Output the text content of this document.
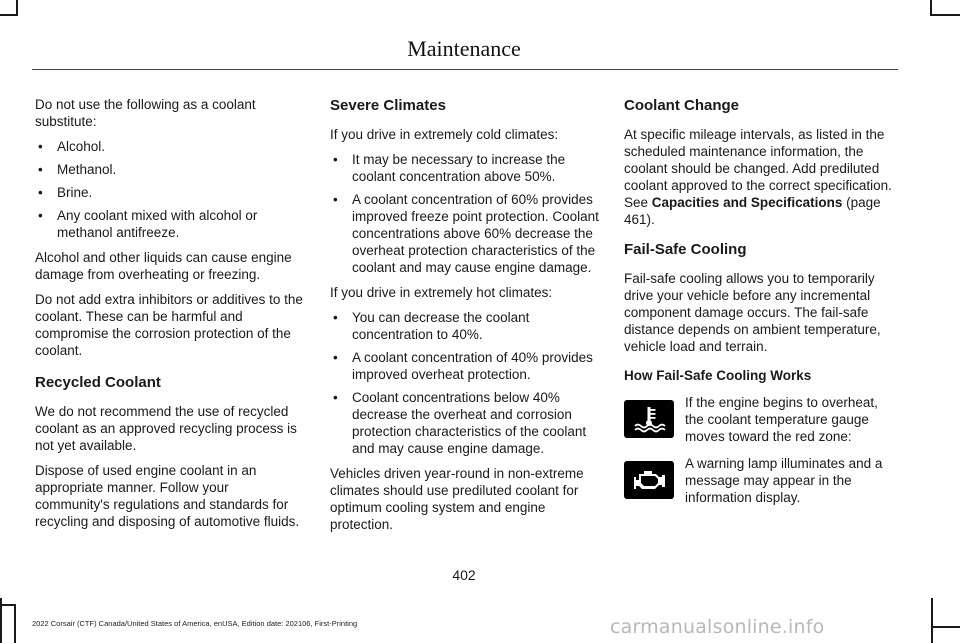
Maintenance

Do not use the following as a coolant substitute:

• Alcohol.
• Methanol.
• Brine.
• Any coolant mixed with alcohol or methanol antifreeze.

Alcohol and other liquids can cause engine damage from overheating or freezing.

Do not add extra inhibitors or additives to the coolant. These can be harmful and compromise the corrosion protection of the coolant.

Recycled Coolant

We do not recommend the use of recycled coolant as an approved recycling process is not yet available.

Dispose of used engine coolant in an appropriate manner. Follow your community's regulations and standards for recycling and disposing of automotive fluids.

Severe Climates

If you drive in extremely cold climates:

• It may be necessary to increase the coolant concentration above 50%.
• A coolant concentration of 60% provides improved freeze point protection. Coolant concentrations above 60% decrease the overheat protection characteristics of the coolant and may cause engine damage.

If you drive in extremely hot climates:

• You can decrease the coolant concentration to 40%.
• A coolant concentration of 40% provides improved overheat protection.
• Coolant concentrations below 40% decrease the overheat and corrosion protection characteristics of the coolant and may cause engine damage.

Vehicles driven year-round in non-extreme climates should use prediluted coolant for optimum cooling system and engine protection.

Coolant Change

At specific mileage intervals, as listed in the scheduled maintenance information, the coolant should be changed. Add prediluted coolant approved to the correct specification. See Capacities and Specifications (page 461).

Fail-Safe Cooling

Fail-safe cooling allows you to temporarily drive your vehicle before any incremental component damage occurs. The fail-safe distance depends on ambient temperature, vehicle load and terrain.

How Fail-Safe Cooling Works
If the engine begins to overheat, the coolant temperature gauge moves toward the red zone:
A warning lamp illuminates and a message may appear in the information display.
402
2022 Corsair (CTF) Canada/United States of America, enUSA, Edition date: 202106, First-Printing	carmanualsonline.info
